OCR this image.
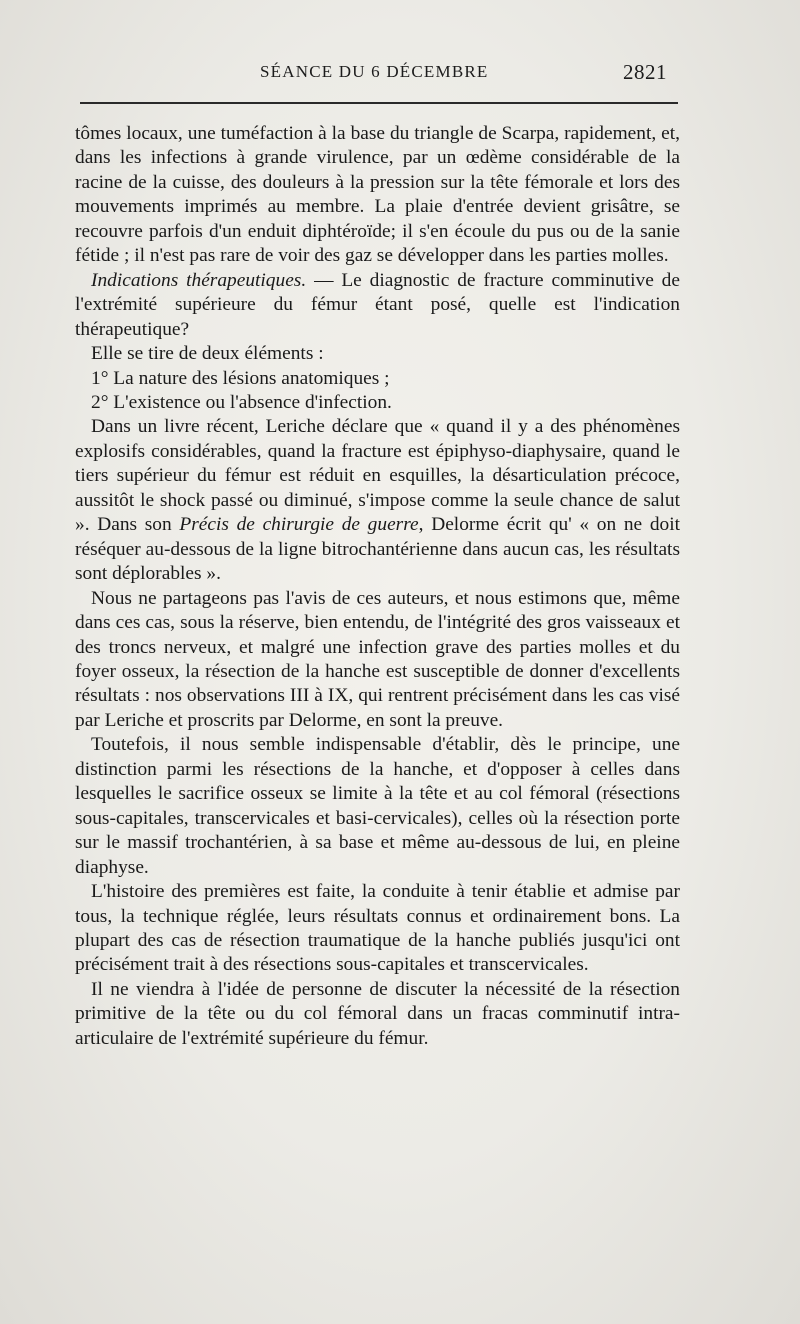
SÉANCE DU 6 DÉCEMBRE	2821

tômes locaux, une tuméfaction à la base du triangle de Scarpa, rapidement, et, dans les infections à grande virulence, par un œdème considérable de la racine de la cuisse, des douleurs à la pression sur la tête fémorale et lors des mouvements imprimés au membre. La plaie d'entrée devient grisâtre, se recouvre parfois d'un enduit diphtéroïde; il s'en écoule du pus ou de la sanie fétide ; il n'est pas rare de voir des gaz se développer dans les parties molles.

Indications thérapeutiques. — Le diagnostic de fracture comminutive de l'extrémité supérieure du fémur étant posé, quelle est l'indication thérapeutique?

Elle se tire de deux éléments :

1° La nature des lésions anatomiques ;

2° L'existence ou l'absence d'infection.

Dans un livre récent, Leriche déclare que « quand il y a des phénomènes explosifs considérables, quand la fracture est épiphyso-diaphysaire, quand le tiers supérieur du fémur est réduit en esquilles, la désarticulation précoce, aussitôt le shock passé ou diminué, s'impose comme la seule chance de salut ». Dans son Précis de chirurgie de guerre, Delorme écrit qu' « on ne doit réséquer au-dessous de la ligne bitrochantérienne dans aucun cas, les résultats sont déplorables ».

Nous ne partageons pas l'avis de ces auteurs, et nous estimons que, même dans ces cas, sous la réserve, bien entendu, de l'intégrité des gros vaisseaux et des troncs nerveux, et malgré une infection grave des parties molles et du foyer osseux, la résection de la hanche est susceptible de donner d'excellents résultats : nos observations III à IX, qui rentrent précisément dans les cas visé par Leriche et proscrits par Delorme, en sont la preuve.

Toutefois, il nous semble indispensable d'établir, dès le principe, une distinction parmi les résections de la hanche, et d'opposer à celles dans lesquelles le sacrifice osseux se limite à la tête et au col fémoral (résections sous-capitales, transcervicales et basi-cervicales), celles où la résection porte sur le massif trochantérien, à sa base et même au-dessous de lui, en pleine diaphyse.

L'histoire des premières est faite, la conduite à tenir établie et admise par tous, la technique réglée, leurs résultats connus et ordinairement bons. La plupart des cas de résection traumatique de la hanche publiés jusqu'ici ont précisément trait à des résections sous-capitales et transcervicales.

Il ne viendra à l'idée de personne de discuter la nécessité de la résection primitive de la tête ou du col fémoral dans un fracas comminutif intra-articulaire de l'extrémité supérieure du fémur.
